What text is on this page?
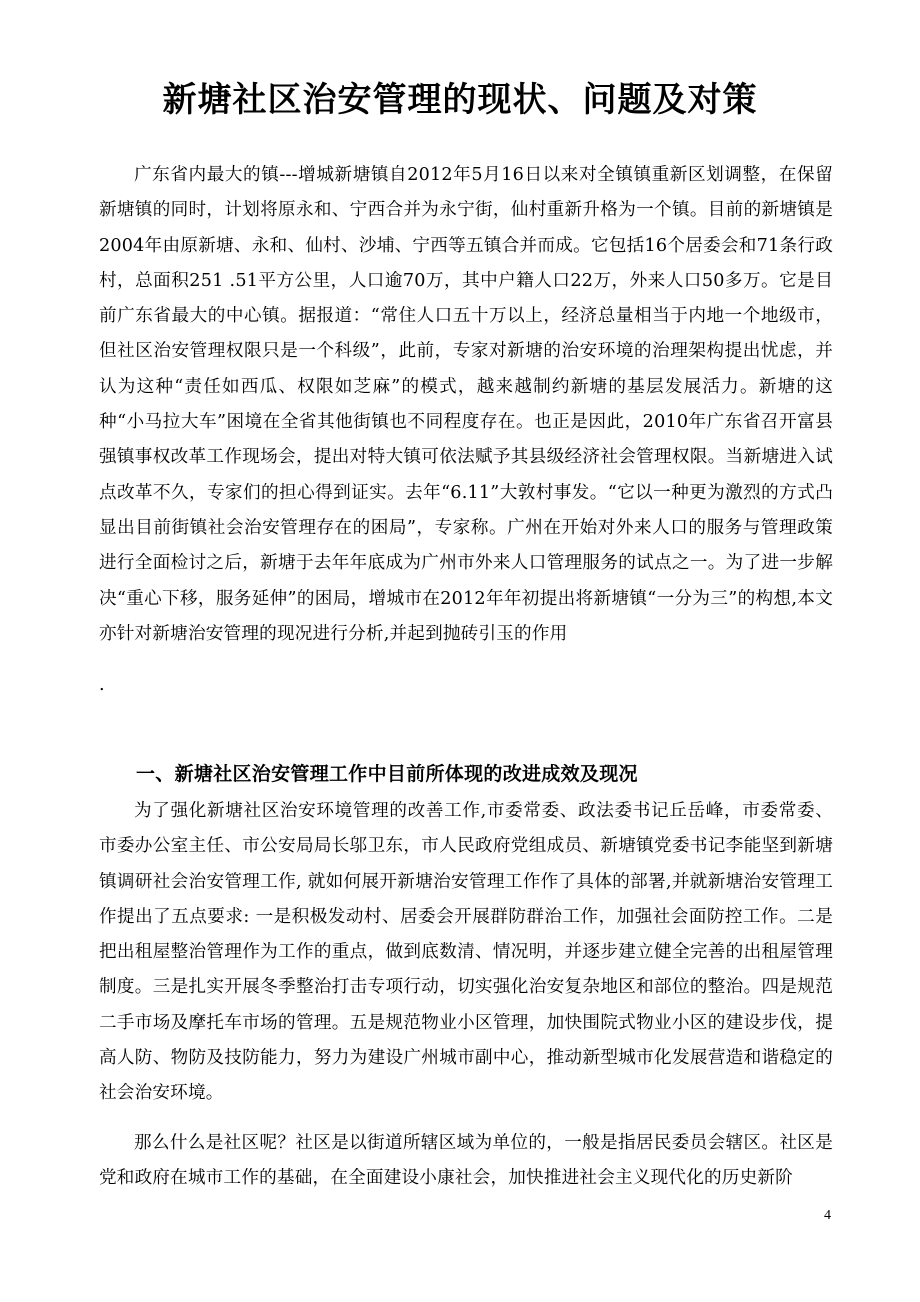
新塘社区治安管理的现状、问题及对策

广东省内最大的镇---增城新塘镇自2012年5月16日以来对全镇镇重新区划调整，在保留新塘镇的同时，计划将原永和、宁西合并为永宁街，仙村重新升格为一个镇。目前的新塘镇是2004年由原新塘、永和、仙村、沙埔、宁西等五镇合并而成。它包括16个居委会和71条行政村，总面积251 .51平方公里，人口逾70万，其中户籍人口22万，外来人口50多万。它是目前广东省最大的中心镇。据报道：“常住人口五十万以上，经济总量相当于内地一个地级市，但社区治安管理权限只是一个科级”，此前，专家对新塘的治安环境的治理架构提出忧虑，并认为这种“责任如西瓜、权限如芝麻”的模式，越来越制约新塘的基层发展活力。新塘的这种“小马拉大车”困境在全省其他街镇也不同程度存在。也正是因此，2010年广东省召开富县强镇事权改革工作现场会，提出对特大镇可依法赋予其县级经济社会管理权限。当新塘进入试点改革不久，专家们的担心得到证实。去年“6.11”大敦村事发。“它以一种更为激烈的方式凸显出目前街镇社会治安管理存在的困局”，专家称。广州在开始对外来人口的服务与管理政策进行全面检讨之后，新塘于去年年底成为广州市外来人口管理服务的试点之一。为了进一步解决“重心下移，服务延伸”的困局，增城市在2012年年初提出将新塘镇“一分为三”的构想,本文亦针对新塘治安管理的现况进行分析,并起到抛砖引玉的作用

.

一、新塘社区治安管理工作中目前所体现的改进成效及现况

为了强化新塘社区治安环境管理的改善工作,市委常委、政法委书记丘岳峰，市委常委、市委办公室主任、市公安局局长邬卫东，市人民政府党组成员、新塘镇党委书记李能坚到新塘镇调研社会治安管理工作, 就如何展开新塘治安管理工作作了具体的部署,并就新塘治安管理工作提出了五点要求: 一是积极发动村、居委会开展群防群治工作，加强社会面防控工作。二是把出租屋整治管理作为工作的重点，做到底数清、情况明，并逐步建立健全完善的出租屋管理制度。三是扎实开展冬季整治打击专项行动，切实强化治安复杂地区和部位的整治。四是规范二手市场及摩托车市场的管理。五是规范物业小区管理，加快围院式物业小区的建设步伐，提高人防、物防及技防能力，努力为建设广州城市副中心，推动新型城市化发展营造和谐稳定的社会治安环境。

那么什么是社区呢？社区是以街道所辖区域为单位的，一般是指居民委员会辖区。社区是党和政府在城市工作的基础，在全面建设小康社会，加快推进社会主义现代化的历史新阶

4
